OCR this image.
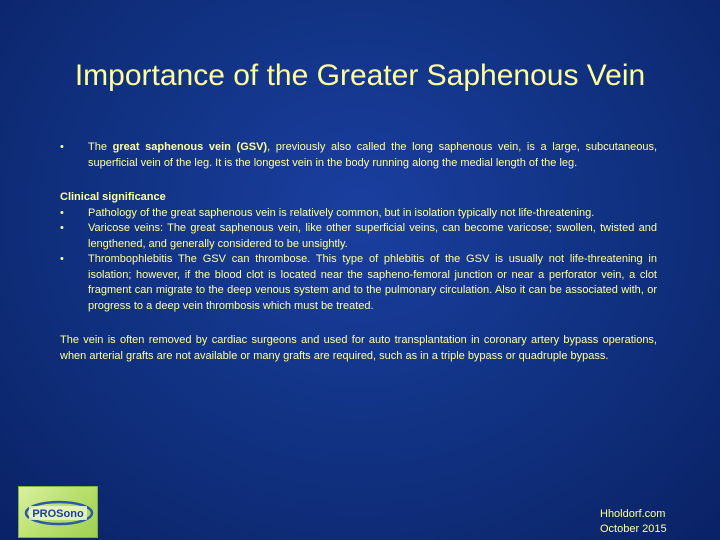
Importance of the Greater Saphenous Vein
•	The great saphenous vein (GSV), previously also called the long saphenous vein, is a large, subcutaneous, superficial vein of the leg. It is the longest vein in the body running along the medial length of the leg.
Clinical significance
•	Pathology of the great saphenous vein is relatively common, but in isolation typically not life-threatening.
•	Varicose veins: The great saphenous vein, like other superficial veins, can become varicose; swollen, twisted and lengthened, and generally considered to be unsightly.
•	Thrombophlebitis The GSV can thrombose. This type of phlebitis of the GSV is usually not life-threatening in isolation; however, if the blood clot is located near the sapheno-femoral junction or near a perforator vein, a clot fragment can migrate to the deep venous system and to the pulmonary circulation. Also it can be associated with, or progress to a deep vein thrombosis which must be treated.
The vein is often removed by cardiac surgeons and used for auto transplantation in coronary artery bypass operations, when arterial grafts are not available or many grafts are required, such as in a triple bypass or quadruple bypass.
PROSono	Hholdorf.com
October 2015
